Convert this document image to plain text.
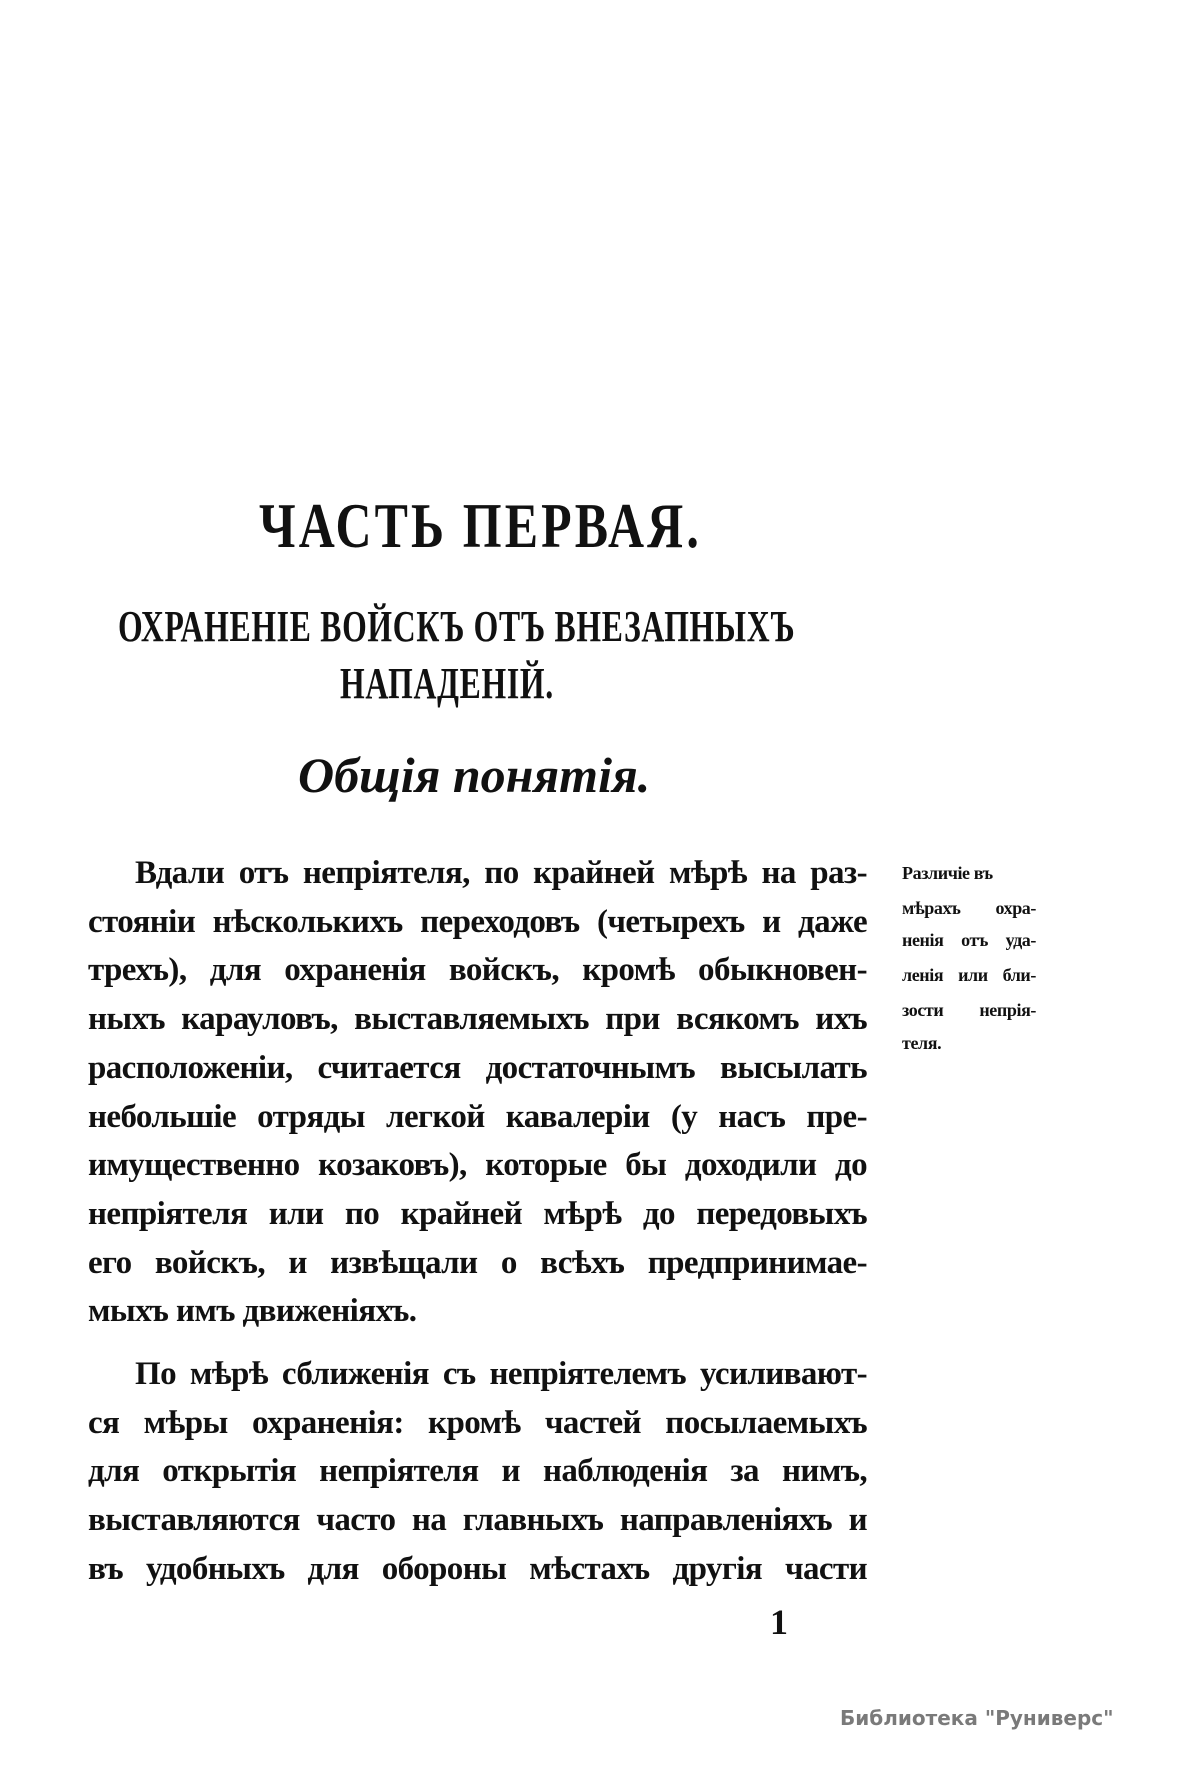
ЧАСТЬ ПЕРВАЯ.
ОХРАНЕНІЕ ВОЙСКЪ ОТЪ ВНЕЗАПНЫХЪ
НАПАДЕНІЙ.
Общія понятія.
Вдали отъ непріятеля, по крайней мѣрѣ на раз-
стояніи нѣсколькихъ переходовъ (четырехъ и даже
трехъ), для охраненія войскъ, кромѣ обыкновен-
ныхъ карауловъ, выставляемыхъ при всякомъ ихъ
расположеніи, считается достаточнымъ высылать
небольшіе отряды легкой кавалеріи (у насъ пре-
имущественно козаковъ), которые бы доходили до
непріятеля или по крайней мѣрѣ до передовыхъ
его войскъ, и извѣщали о всѣхъ предпринимае-
мыхъ имъ движеніяхъ.
По мѣрѣ сближенія съ непріятелемъ усиливают-
ся мѣры охраненія: кромѣ частей посылаемыхъ
для открытія непріятеля и наблюденія за нимъ,
выставляются часто на главныхъ направленіяхъ и
въ удобныхъ для обороны мѣстахъ другія части
Различіе въ
мѣрахъ охра-
ненія отъ уда-
ленія или бли-
зости непрія-
теля.
1
Библиотека "Руниверс"
